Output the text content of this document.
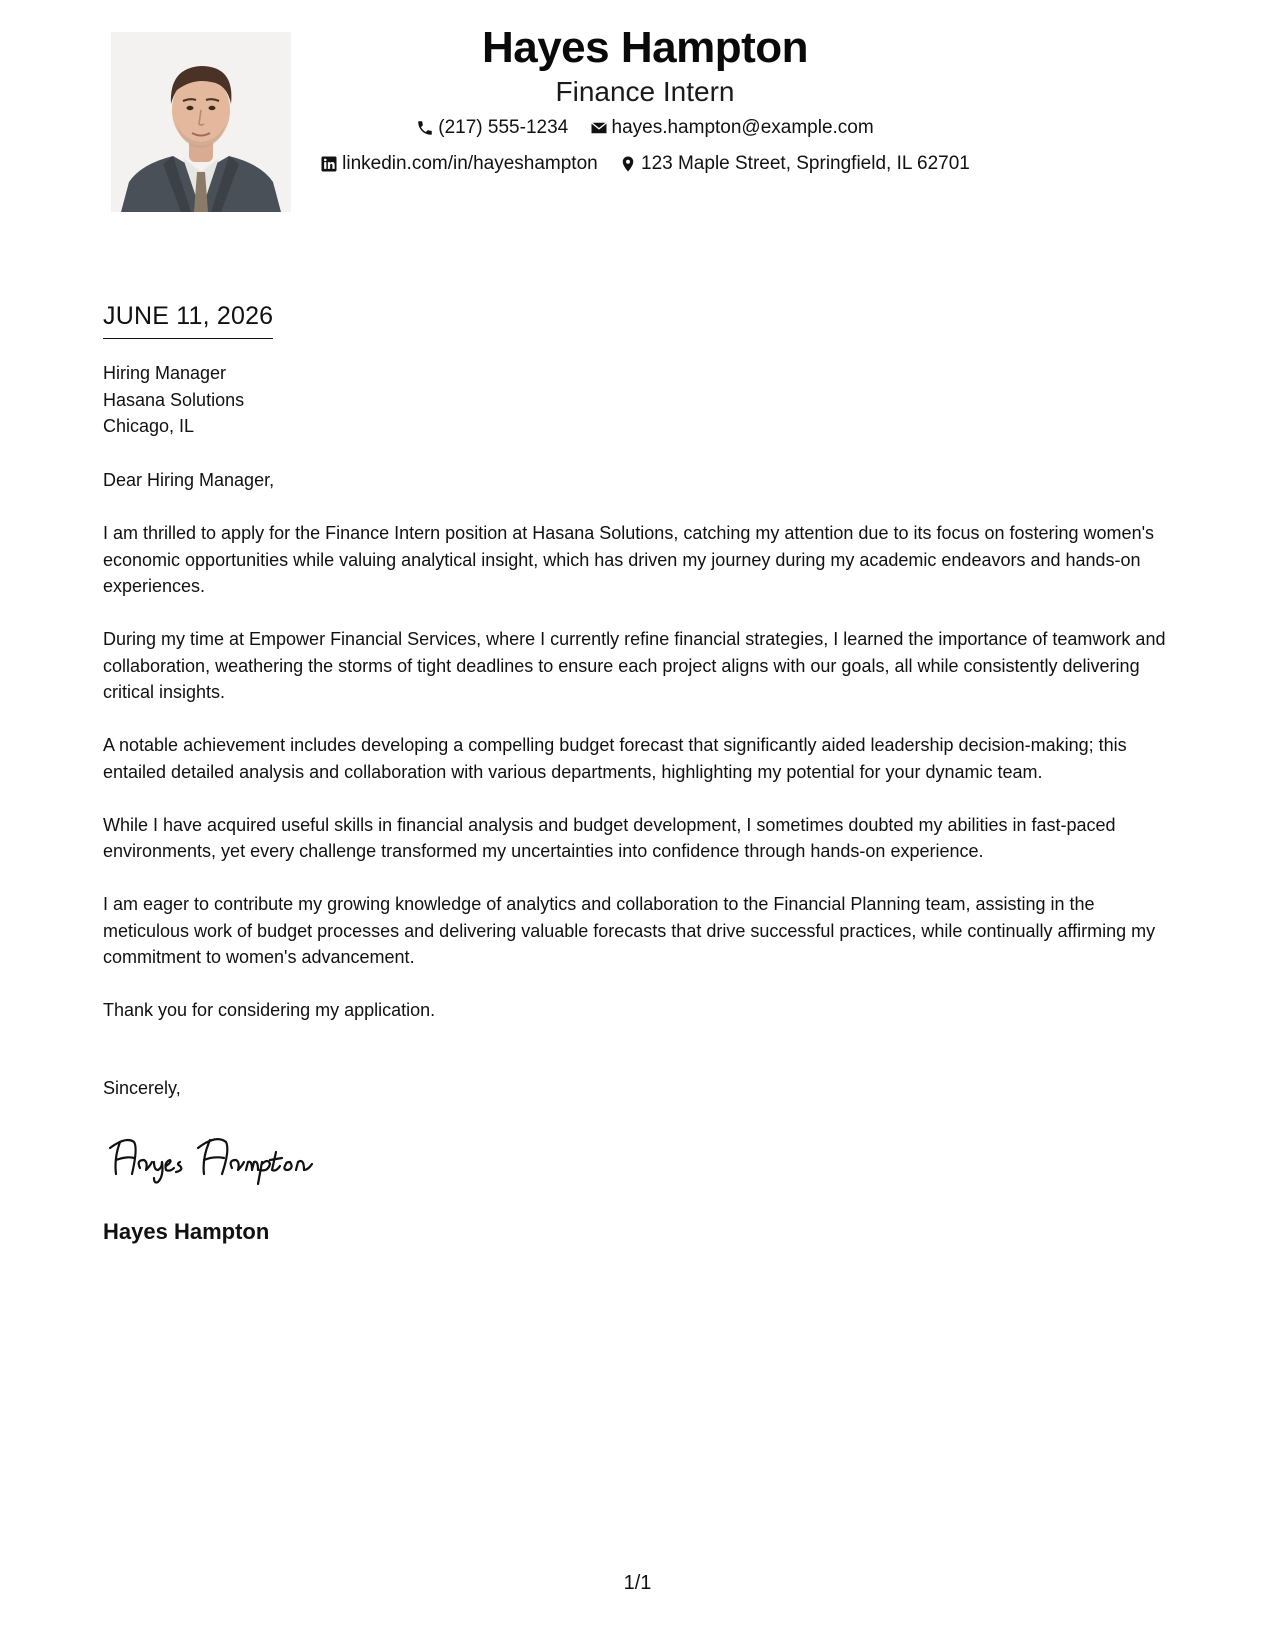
Hayes Hampton
Finance Intern
(217) 555-1234
hayes.hampton@example.com
linkedin.com/in/hayeshampton
123 Maple Street, Springfield, IL 62701
JUNE 11, 2026
Hiring Manager
Hasana Solutions
Chicago, IL

Dear Hiring Manager,

I am thrilled to apply for the Finance Intern position at Hasana Solutions, catching my attention due to its focus on fostering women's economic opportunities while valuing analytical insight, which has driven my journey during my academic endeavors and hands-on experiences.

During my time at Empower Financial Services, where I currently refine financial strategies, I learned the importance of teamwork and collaboration, weathering the storms of tight deadlines to ensure each project aligns with our goals, all while consistently delivering critical insights.

A notable achievement includes developing a compelling budget forecast that significantly aided leadership decision-making; this entailed detailed analysis and collaboration with various departments, highlighting my potential for your dynamic team.

While I have acquired useful skills in financial analysis and budget development, I sometimes doubted my abilities in fast-paced environments, yet every challenge transformed my uncertainties into confidence through hands-on experience.

I am eager to contribute my growing knowledge of analytics and collaboration to the Financial Planning team, assisting in the meticulous work of budget processes and delivering valuable forecasts that drive successful practices, while continually affirming my commitment to women's advancement.

Thank you for considering my application.

Sincerely,
Hayes Hampton
1/1
